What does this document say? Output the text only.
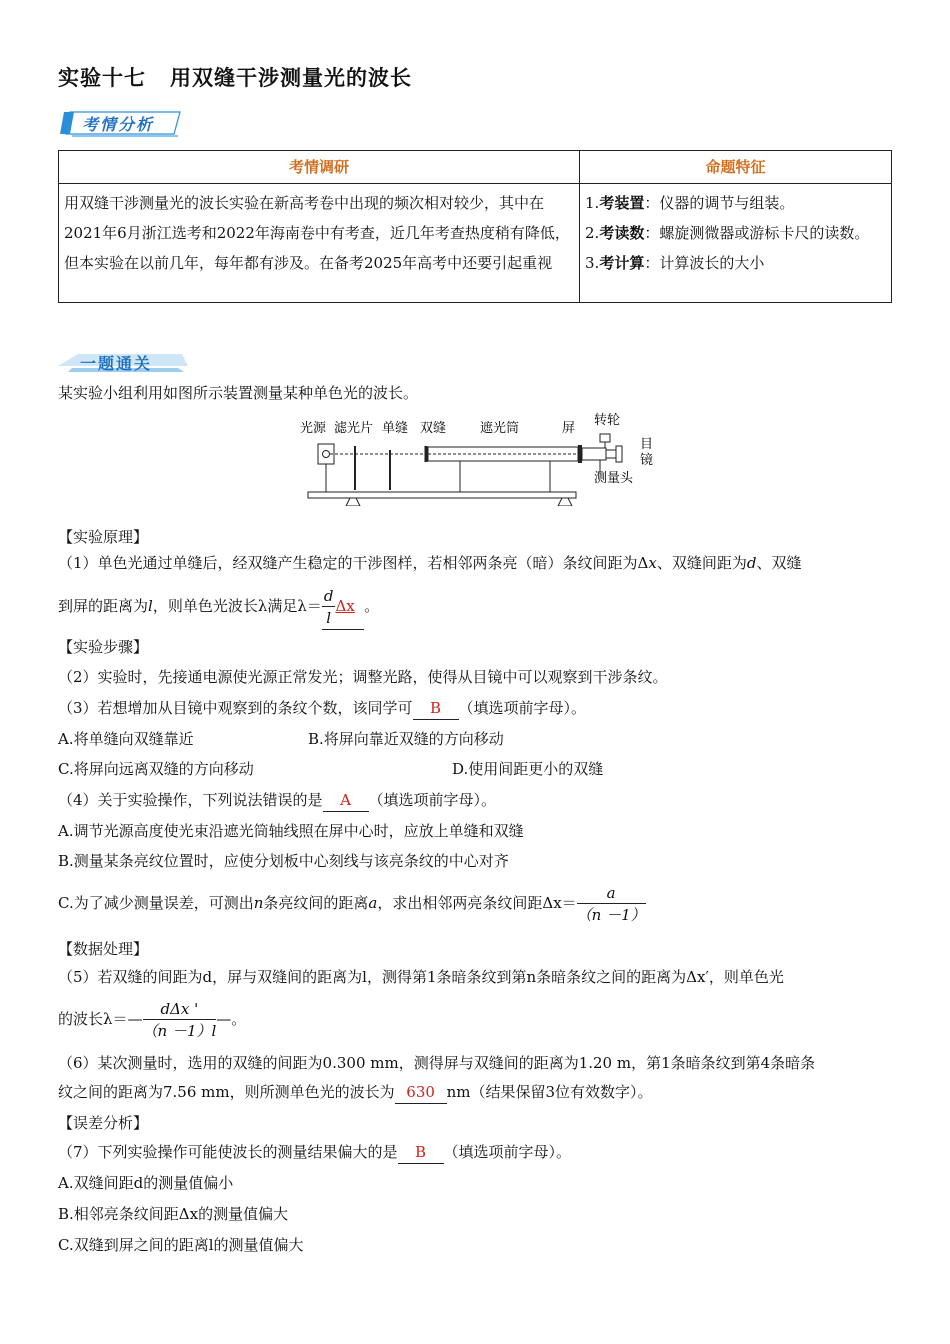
实验十七 用双缝干涉测量光的波长
考情分析
考情调研	命题特征
用双缝干涉测量光的波长实验在新高考卷中出现的频次相对较少，其中在2021年6月浙江选考和2022年海南卷中有考查，近几年考查热度稍有降低，但本实验在以前几年，每年都有涉及。在备考2025年高考中还要引起重视	1.考装置：仪器的调节与组装。
2.考读数：螺旋测微器或游标卡尺的读数。
3.考计算：计算波长的大小
一题通关
某实验小组利用如图所示装置测量某种单色光的波长。
光源 滤光片 单缝 双缝	遮光筒	屏
转轮
目
镜
测量头
【实验原理】
（1）单色光通过单缝后，经双缝产生稳定的干涉图样，若相邻两条亮（暗）条纹间距为Δx、双缝间距为d、双缝
到屏的距离为l，则单色光波长λ满足$\lambda= \frac{d}{l}$ Δx 。
【实验步骤】
（2）实验时，先接通电源使光源正常发光；调整光路，使得从目镜中可以观察到干涉条纹。
（3）若想增加从目镜中观察到的条纹个数，该同学可 B （填选项前字母）。
A.将单缝向双缝靠近	B.将屏向靠近双缝的方向移动
C.将屏向远离双缝的方向移动	D.使用间距更小的双缝
（4）关于实验操作，下列说法错误的是 A （填选项前字母）。
A.调节光源高度使光束沿遮光筒轴线照在屏中心时，应放上单缝和双缝
B.测量某条亮纹位置时，应使分划板中心刻线与该亮条纹的中心对齐
C.为了减少测量误差，可测出n条亮纹间的距离a，求出相邻两亮条纹间距$\Delta x= \frac{a}{(n -1)}$
【数据处理】
（5）若双缝的间距为d，屏与双缝间的距离为l，测得第1条暗条纹到第n条暗条纹之间的距离为Δx′，则单色光
的波长λ＝— $\frac{\text{dΔx '}}{(n -1)l}$ —。
（6）某次测量时，选用的双缝的间距为0.300 mm，测得屏与双缝间的距离为1.20 m，第1条暗条纹到第4条暗条
纹之间的距离为7.56 mm，则所测单色光的波长为 630 nm（结果保留3位有效数字）。
【误差分析】
（7）下列实验操作可能使波长的测量结果偏大的是 B （填选项前字母）。
A.双缝间距d的测量值偏小
B.相邻亮条纹间距Δx的测量值偏大
C.双缝到屏之间的距离l的测量值偏大
